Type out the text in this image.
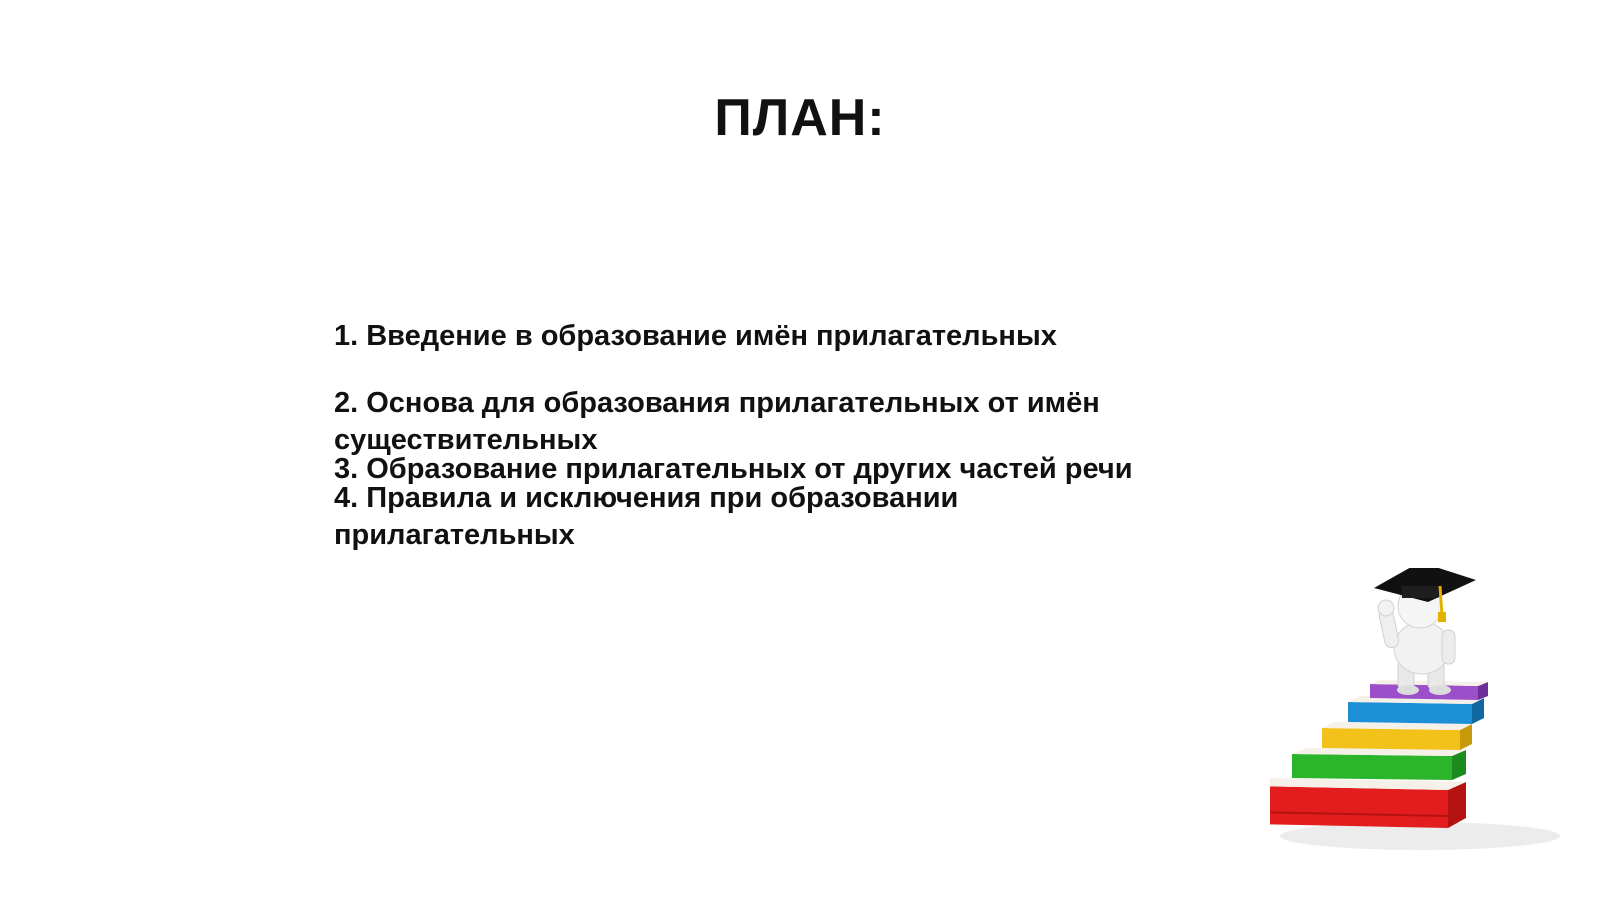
ПЛАН:
1. Введение в образование имён прилагательных
2. Основа для образования прилагательных от имён существительных
3. Образование прилагательных от других частей речи
4. Правила и исключения при образовании прилагательных
